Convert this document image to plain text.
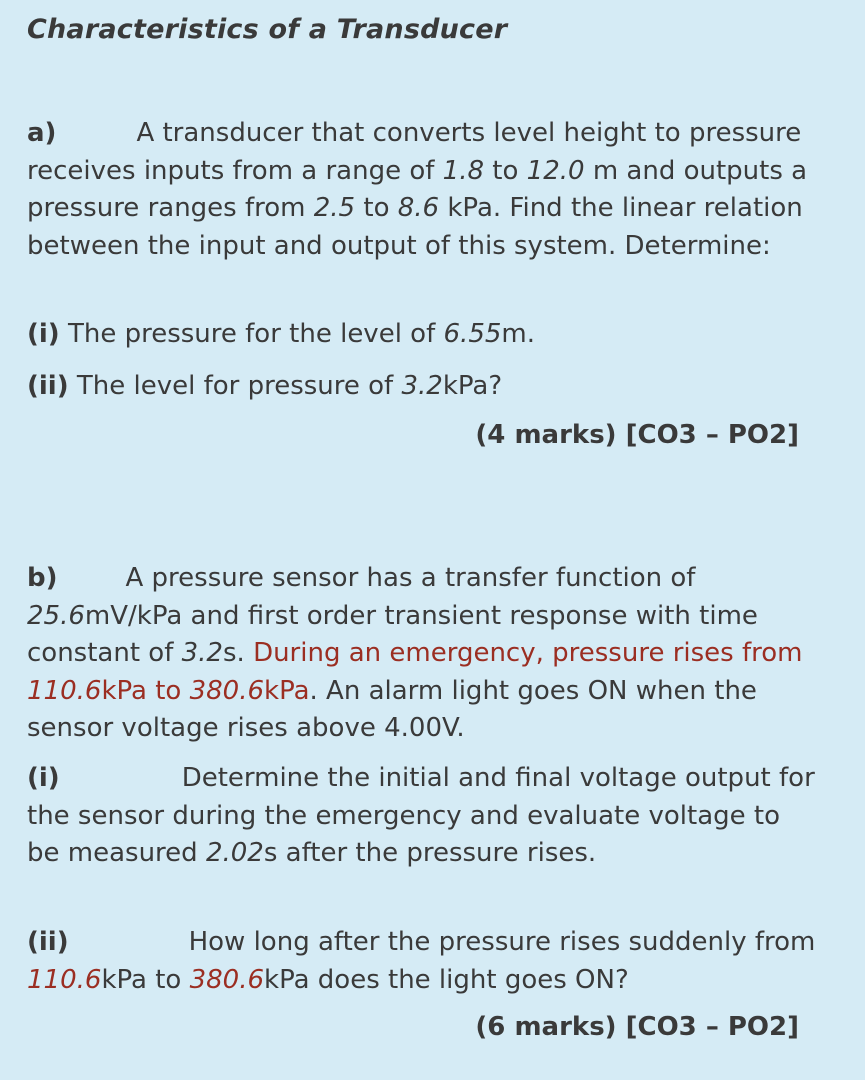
Characteristics of a Transducer
a)	A transducer that converts level height to pressure receives inputs from a range of 1.8 to 12.0 m and outputs a pressure ranges from 2.5 to 8.6 kPa. Find the linear relation between the input and output of this system. Determine:
(i) The pressure for the level of 6.55m.
(ii) The level for pressure of 3.2kPa?
(4 marks) [CO3 – PO2]
b)	A pressure sensor has a transfer function of 25.6mV/kPa and first order transient response with time constant of 3.2s. During an emergency, pressure rises from 110.6kPa to 380.6kPa. An alarm light goes ON when the sensor voltage rises above 4.00V.
(i)	Determine the initial and final voltage output for the sensor during the emergency and evaluate voltage to be measured 2.02s after the pressure rises.
(ii)	How long after the pressure rises suddenly from 110.6kPa to 380.6kPa does the light goes ON?
(6 marks) [CO3 – PO2]
